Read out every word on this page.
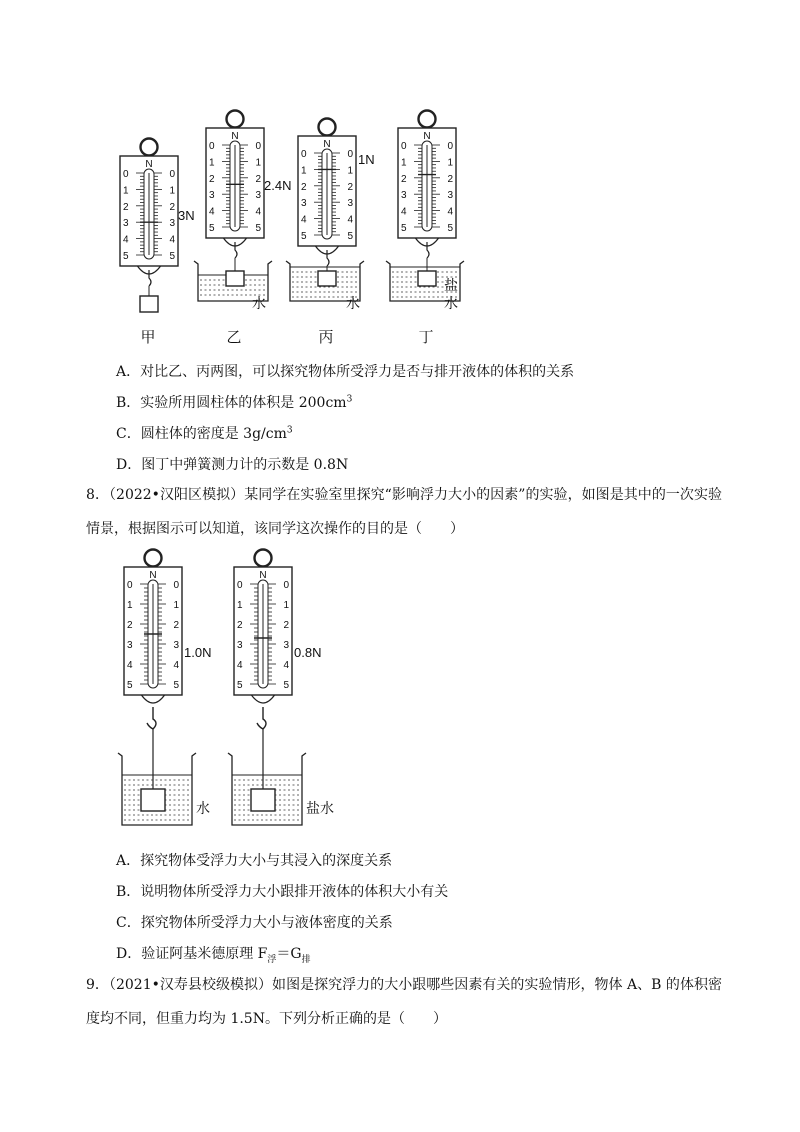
N
0	0
1	1
2	2
3	3
4	4
5	5
3N
甲
N
0	0
1	1
2	2
3	3
4	4
5	5
2.4N
水
乙
N
0	0
1	1
2	2
3	3
4	4
5	5
1N
水
丙
N
0	0
1	1
2	2
3	3
4	4
5	5
盐
水
丁
A．对比乙、丙两图，可以探究物体所受浮力是否与排开液体的体积的关系
B．实验所用圆柱体的体积是 $200cm^3$
C．圆柱体的密度是 $3g/cm^3$
D．图丁中弹簧测力计的示数是 0.8N
8．（2022•汉阳区模拟）某同学在实验室里探究“影响浮力大小的因素”的实验，如图是其中的一次实验情景，根据图示可以知道，该同学这次操作的目的是（　　）
N
0	0
1	1
2	2
3	3
4	4
5	5
1.0N
水
N
0	0
1	1
2	2
3	3
4	4
5	5
0.8N
盐水
A．探究物体受浮力大小与其浸入的深度关系
B．说明物体所受浮力大小跟排开液体的体积大小有关
C．探究物体所受浮力大小与液体密度的关系
D．验证阿基米德原理 $F_浮=G_排$
9．（2021•汉寿县校级模拟）如图是探究浮力的大小跟哪些因素有关的实验情形，物体 A、B 的体积密度均不同，但重力均为 1.5N。下列分析正确的是（　　）
